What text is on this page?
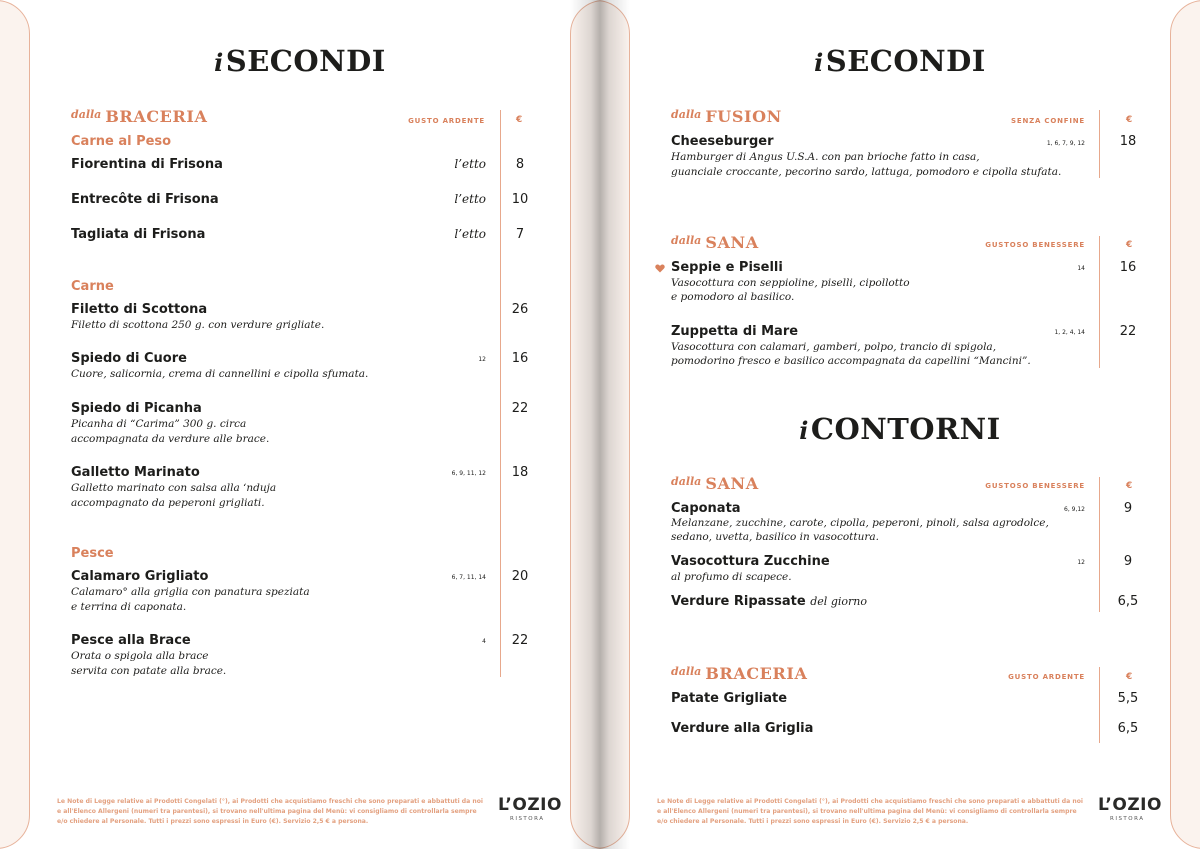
iSECONDI
$^{dalla}$ BRACERIA	GUSTO ARDENTE	€
Carne al Peso
Fiorentina di Frisona	l’etto	8
Entrecôte di Frisona	l’etto	10
Tagliata di Frisona	l’etto	7
Carne
Filetto di Scottona
Filetto di scottona 250 g. con verdure grigliate.
26
Spiedo di Cuore	12
Cuore, salicornia, crema di cannellini e cipolla sfumata.
16
Spiedo di Picanha
Picanha di “Carima” 300 g. circa
accompagnata da verdure alle brace.
22
Galletto Marinato	6, 9, 11, 12
Galletto marinato con salsa alla ‘nduja
accompagnato da peperoni grigliati.
18
Pesce
Calamaro Grigliato	6, 7, 11, 14
Calamaro° alla griglia con panatura speziata
e terrina di caponata.
20
Pesce alla Brace	4
Orata o spigola alla brace
servita con patate alla brace.
22
Le Note di Legge relative ai Prodotti Congelati (°), ai Prodotti che acquistiamo freschi che sono preparati e abbattuti da noi e all'Elenco Allergeni (numeri tra parentesi), si trovano nell'ultima pagina del Menù: vi consigliamo di controllarla sempre e/o chiedere al Personale. Tutti i prezzi sono espressi in Euro (€). Servizio 2,5 € a persona.
L’OZIO
RISTORA
iSECONDI
$^{dalla}$ FUSION	SENZA CONFINE	€
Cheeseburger	1, 6, 7, 9, 12
Hamburger di Angus U.S.A. con pan brioche fatto in casa,
guanciale croccante, pecorino sardo, lattuga, pomodoro e cipolla stufata.
18
$^{dalla}$ SANA	GUSTOSO BENESSERE	€
Seppie e Piselli	14
Vasocottura con seppioline, piselli, cipollotto
e pomodoro al basilico.
16
Zuppetta di Mare	1, 2, 4, 14
Vasocottura con calamari, gamberi, polpo, trancio di spigola,
pomodorino fresco e basilico accompagnata da capellini “Mancini”.
22
iCONTORNI
$^{dalla}$ SANA	GUSTOSO BENESSERE	€
Caponata	6, 9,12
Melanzane, zucchine, carote, cipolla, peperoni, pinoli, salsa agrodolce,
sedano, uvetta, basilico in vasocottura.
9
Vasocottura Zucchine	12
al profumo di scapece.
9
Verdure Ripassate del giorno	6,5
$^{dalla}$ BRACERIA	GUSTO ARDENTE	€
Patate Grigliate	5,5
Verdure alla Griglia	6,5
Le Note di Legge relative ai Prodotti Congelati (°), ai Prodotti che acquistiamo freschi che sono preparati e abbattuti da noi e all'Elenco Allergeni (numeri tra parentesi), si trovano nell'ultima pagina del Menù: vi consigliamo di controllarla sempre e/o chiedere al Personale. Tutti i prezzi sono espressi in Euro (€). Servizio 2,5 € a persona.
L’OZIO
RISTORA
